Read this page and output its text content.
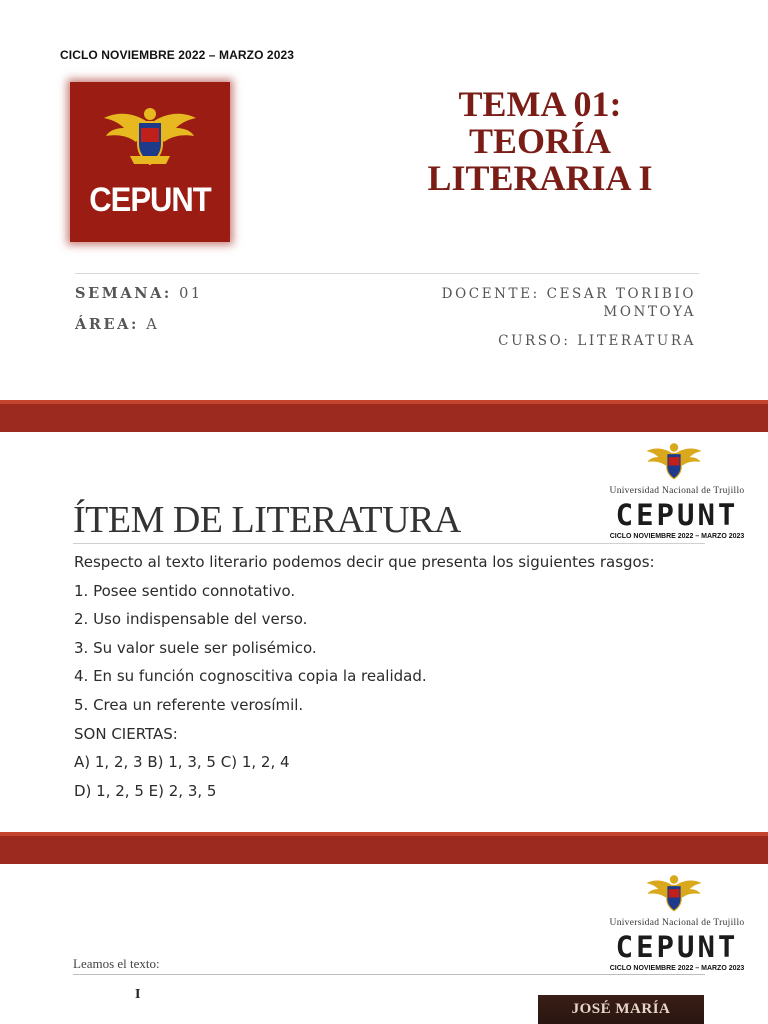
CICLO NOVIEMBRE 2022 – MARZO 2023
CEPUNT
TEMA 01:
TEORÍA
LITERARIA I
SEMANA: 01
ÁREA: A
DOCENTE: CESAR TORIBIO
MONTOYA
CURSO: LITERATURA
Universidad Nacional de Trujillo
CEPUNT
CICLO NOVIEMBRE 2022 – MARZO 2023
ÍTEM DE LITERATURA
Respecto al texto literario podemos decir que presenta los siguientes rasgos:
1. Posee sentido connotativo.
2. Uso indispensable del verso.
3. Su valor suele ser polisémico.
4. En su función cognoscitiva copia la realidad.
5. Crea un referente verosímil.
SON CIERTAS:
A) 1, 2, 3 B) 1, 3, 5 C) 1, 2, 4
D) 1, 2, 5 E) 2, 3, 5
Universidad Nacional de Trujillo
CEPUNT
CICLO NOVIEMBRE 2022 – MARZO 2023
Leamos el texto:
I
JOSÉ MARÍA
